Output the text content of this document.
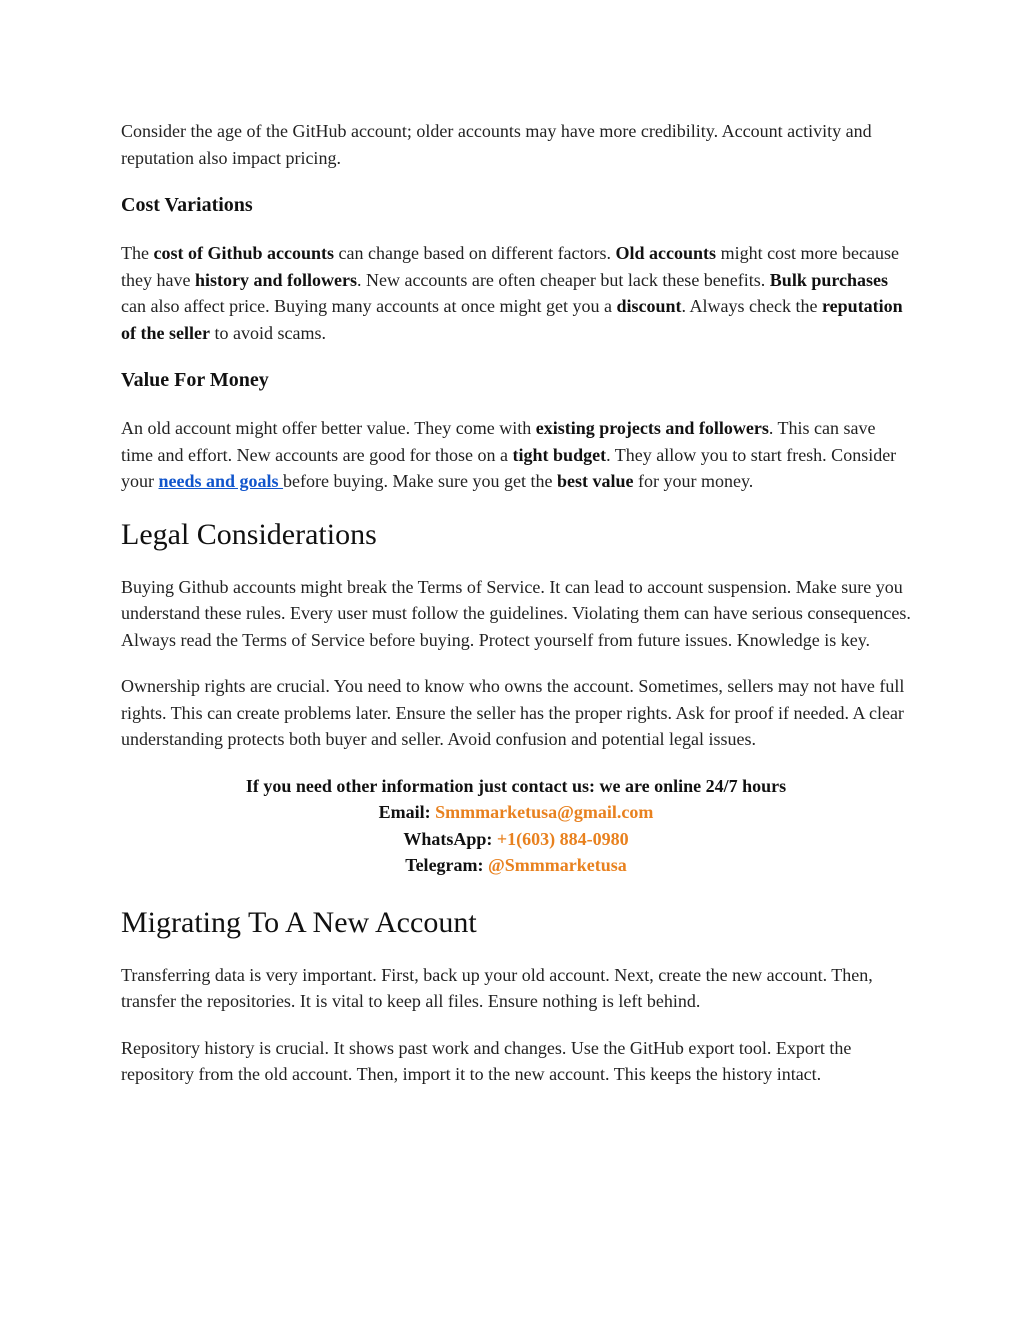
Consider the age of the GitHub account; older accounts may have more credibility. Account activity and reputation also impact pricing.

Cost Variations

The cost of Github accounts can change based on different factors. Old accounts might cost more because they have history and followers. New accounts are often cheaper but lack these benefits. Bulk purchases can also affect price. Buying many accounts at once might get you a discount. Always check the reputation of the seller to avoid scams.

Value For Money

An old account might offer better value. They come with existing projects and followers. This can save time and effort. New accounts are good for those on a tight budget. They allow you to start fresh. Consider your needs and goals before buying. Make sure you get the best value for your money.

Legal Considerations

Buying Github accounts might break the Terms of Service. It can lead to account suspension. Make sure you understand these rules. Every user must follow the guidelines. Violating them can have serious consequences. Always read the Terms of Service before buying. Protect yourself from future issues. Knowledge is key.

Ownership rights are crucial. You need to know who owns the account. Sometimes, sellers may not have full rights. This can create problems later. Ensure the seller has the proper rights. Ask for proof if needed. A clear understanding protects both buyer and seller. Avoid confusion and potential legal issues.

If you need other information just contact us: we are online 24/7 hours
Email: Smmmarketusa@gmail.com
WhatsApp: +1(603) 884-0980
Telegram: @Smmmarketusa
Migrating To A New Account

Transferring data is very important. First, back up your old account. Next, create the new account. Then, transfer the repositories. It is vital to keep all files. Ensure nothing is left behind.

Repository history is crucial. It shows past work and changes. Use the GitHub export tool. Export the repository from the old account. Then, import it to the new account. This keeps the history intact.
